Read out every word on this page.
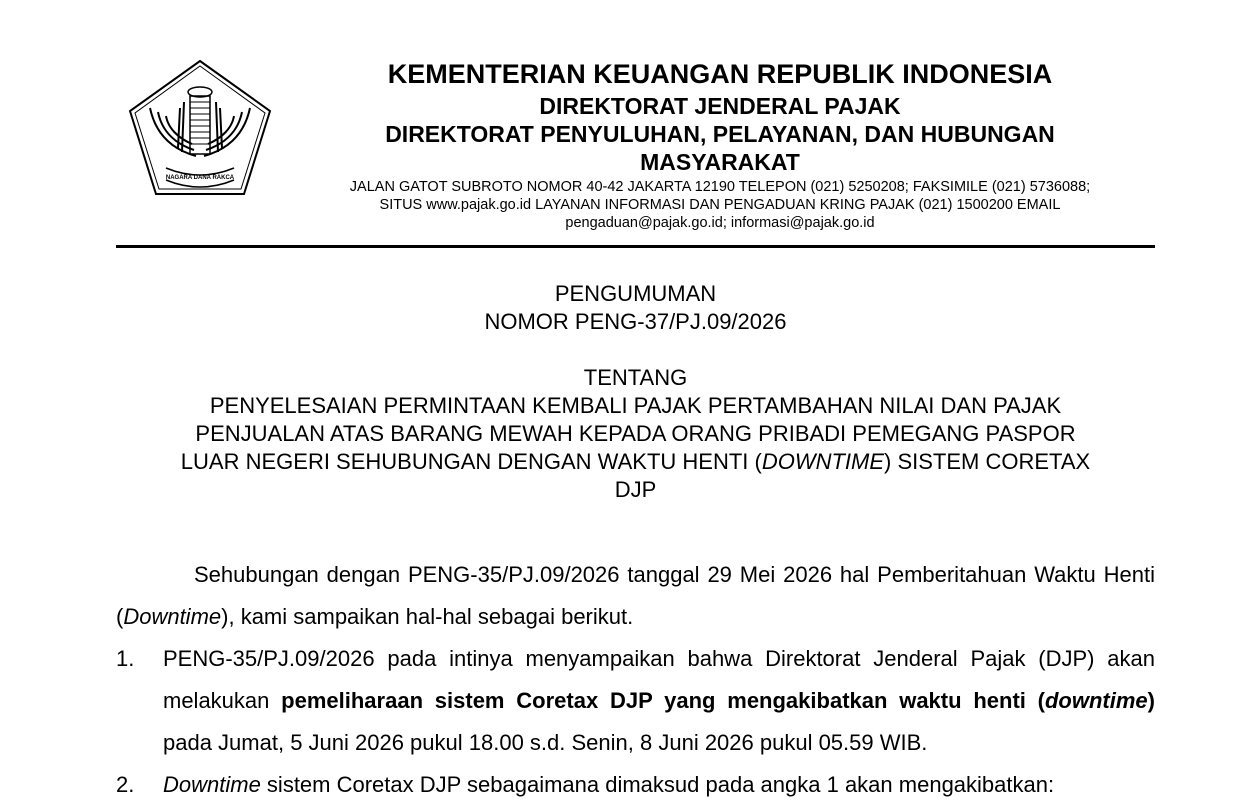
NAGARA DANA RAKCA
KEMENTERIAN KEUANGAN REPUBLIK INDONESIA
DIREKTORAT JENDERAL PAJAK
DIREKTORAT PENYULUHAN, PELAYANAN, DAN HUBUNGAN
MASYARAKAT
JALAN GATOT SUBROTO NOMOR 40-42 JAKARTA 12190 TELEPON (021) 5250208; FAKSIMILE (021) 5736088;
SITUS www.pajak.go.id LAYANAN INFORMASI DAN PENGADUAN KRING PAJAK (021) 1500200 EMAIL
pengaduan@pajak.go.id; informasi@pajak.go.id
PENGUMUMAN
NOMOR PENG-37/PJ.09/2026
TENTANG
PENYELESAIAN PERMINTAAN KEMBALI PAJAK PERTAMBAHAN NILAI DAN PAJAK
PENJUALAN ATAS BARANG MEWAH KEPADA ORANG PRIBADI PEMEGANG PASPOR
LUAR NEGERI SEHUBUNGAN DENGAN WAKTU HENTI (DOWNTIME) SISTEM CORETAX
DJP
Sehubungan dengan PENG-35/PJ.09/2026 tanggal 29 Mei 2026 hal Pemberitahuan Waktu Henti (Downtime), kami sampaikan hal-hal sebagai berikut.
1. PENG-35/PJ.09/2026 pada intinya menyampaikan bahwa Direktorat Jenderal Pajak (DJP) akan melakukan pemeliharaan sistem Coretax DJP yang mengakibatkan waktu henti (downtime) pada Jumat, 5 Juni 2026 pukul 18.00 s.d. Senin, 8 Juni 2026 pukul 05.59 WIB.
2. Downtime sistem Coretax DJP sebagaimana dimaksud pada angka 1 akan mengakibatkan:
